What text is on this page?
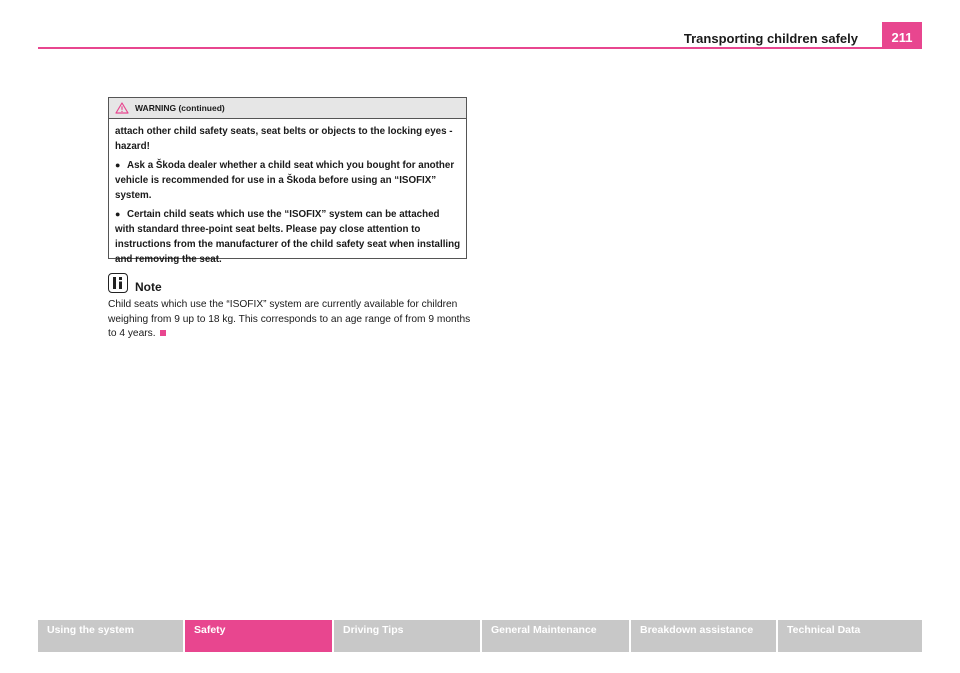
Transporting children safely	211
WARNING (continued)

attach other child safety seats, seat belts or objects to the locking eyes - hazard!

● Ask a Škoda dealer whether a child seat which you bought for another vehicle is recommended for use in a Škoda before using an “ISOFIX” system.

● Certain child seats which use the “ISOFIX” system can be attached with standard three-point seat belts. Please pay close attention to instructions from the manufacturer of the child safety seat when installing and removing the seat.

Note
Child seats which use the “ISOFIX” system are currently available for children weighing from 9 up to 18 kg. This corresponds to an age range of from 9 months to 4 years.
Using the system	Safety	Driving Tips	General Maintenance	Breakdown assistance	Technical Data
